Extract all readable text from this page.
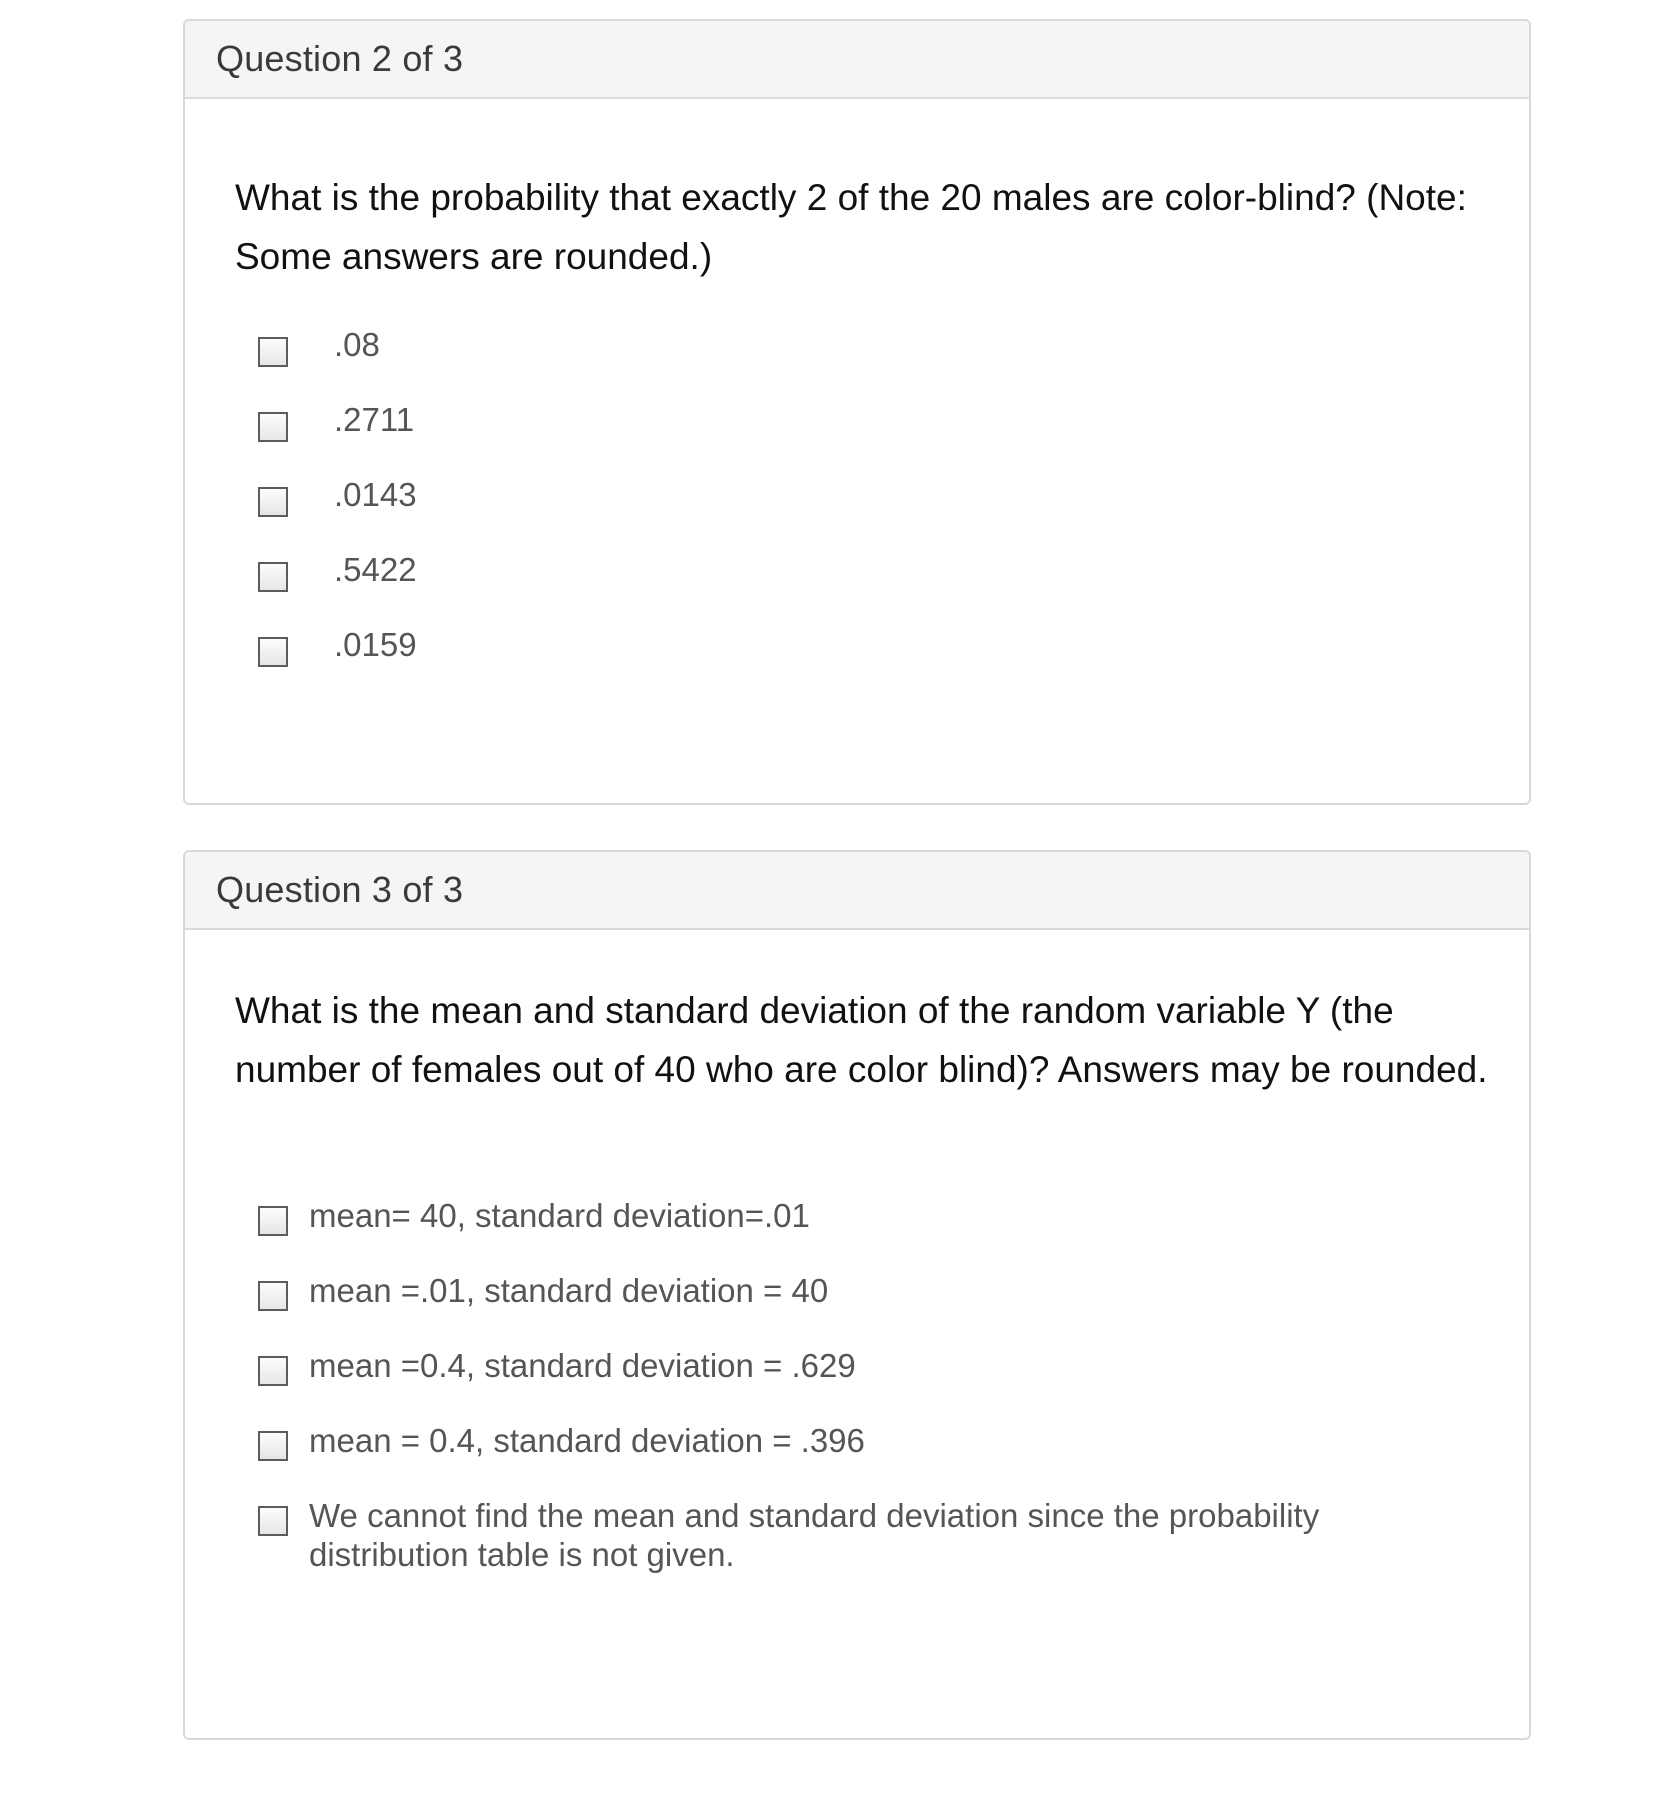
Question 2 of 3
What is the probability that exactly 2 of the 20 males are color-blind? (Note: Some answers are rounded.)
.08
.2711
.0143
.5422
.0159
Question 3 of 3
What is the mean and standard deviation of the random variable Y (the number of females out of 40 who are color blind)? Answers may be rounded.
mean= 40, standard deviation=.01
mean =.01, standard deviation = 40
mean =0.4, standard deviation = .629
mean = 0.4, standard deviation = .396
We cannot find the mean and standard deviation since the probability distribution table is not given.
